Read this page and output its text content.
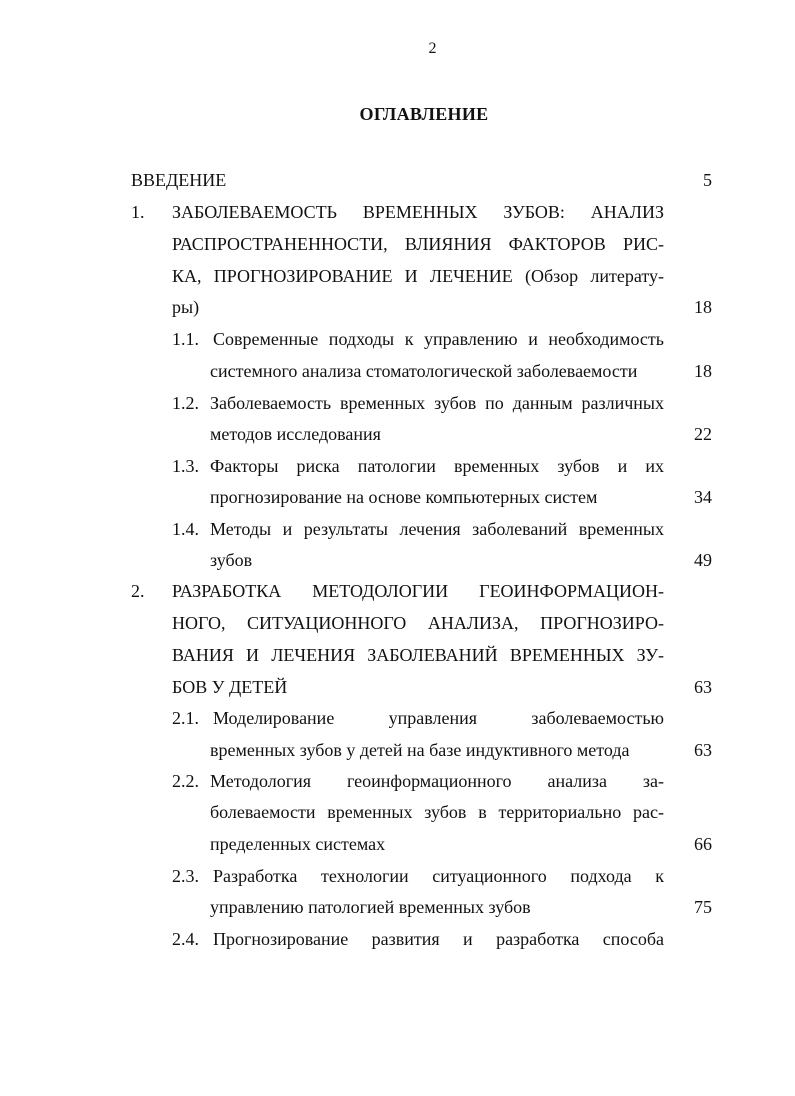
2
ОГЛАВЛЕНИЕ
ВВЕДЕНИЕ	5
1. ЗАБОЛЕВАЕМОСТЬ ВРЕМЕННЫХ ЗУБОВ: АНАЛИЗ
РАСПРОСТРАНЕННОСТИ, ВЛИЯНИЯ ФАКТОРОВ РИС-
КА, ПРОГНОЗИРОВАНИЕ И ЛЕЧЕНИЕ (Обзор литерату-
ры)	18
1.1. Современные подходы к управлению и необходимость
системного анализа стоматологической заболеваемости	18
1.2. Заболеваемость временных зубов по данным различных
методов исследования	22
1.3. Факторы риска патологии временных зубов и их
прогнозирование на основе компьютерных систем	34
1.4. Методы и результаты лечения заболеваний временных
зубов	49
2. РАЗРАБОТКА МЕТОДОЛОГИИ ГЕОИНФОРМАЦИОН-
НОГО, СИТУАЦИОННОГО АНАЛИЗА, ПРОГНОЗИРО-
ВАНИЯ И ЛЕЧЕНИЯ ЗАБОЛЕВАНИЙ ВРЕМЕННЫХ ЗУ-
БОВ У ДЕТЕЙ	63
2.1. Моделирование управления заболеваемостью
временных зубов у детей на базе индуктивного метода	63
2.2. Методология геоинформационного анализа за-
болеваемости временных зубов в территориально рас-
пределенных системах	66
2.3. Разработка технологии ситуационного подхода к
управлению патологией временных зубов	75
2.4. Прогнозирование развития и разработка способа
